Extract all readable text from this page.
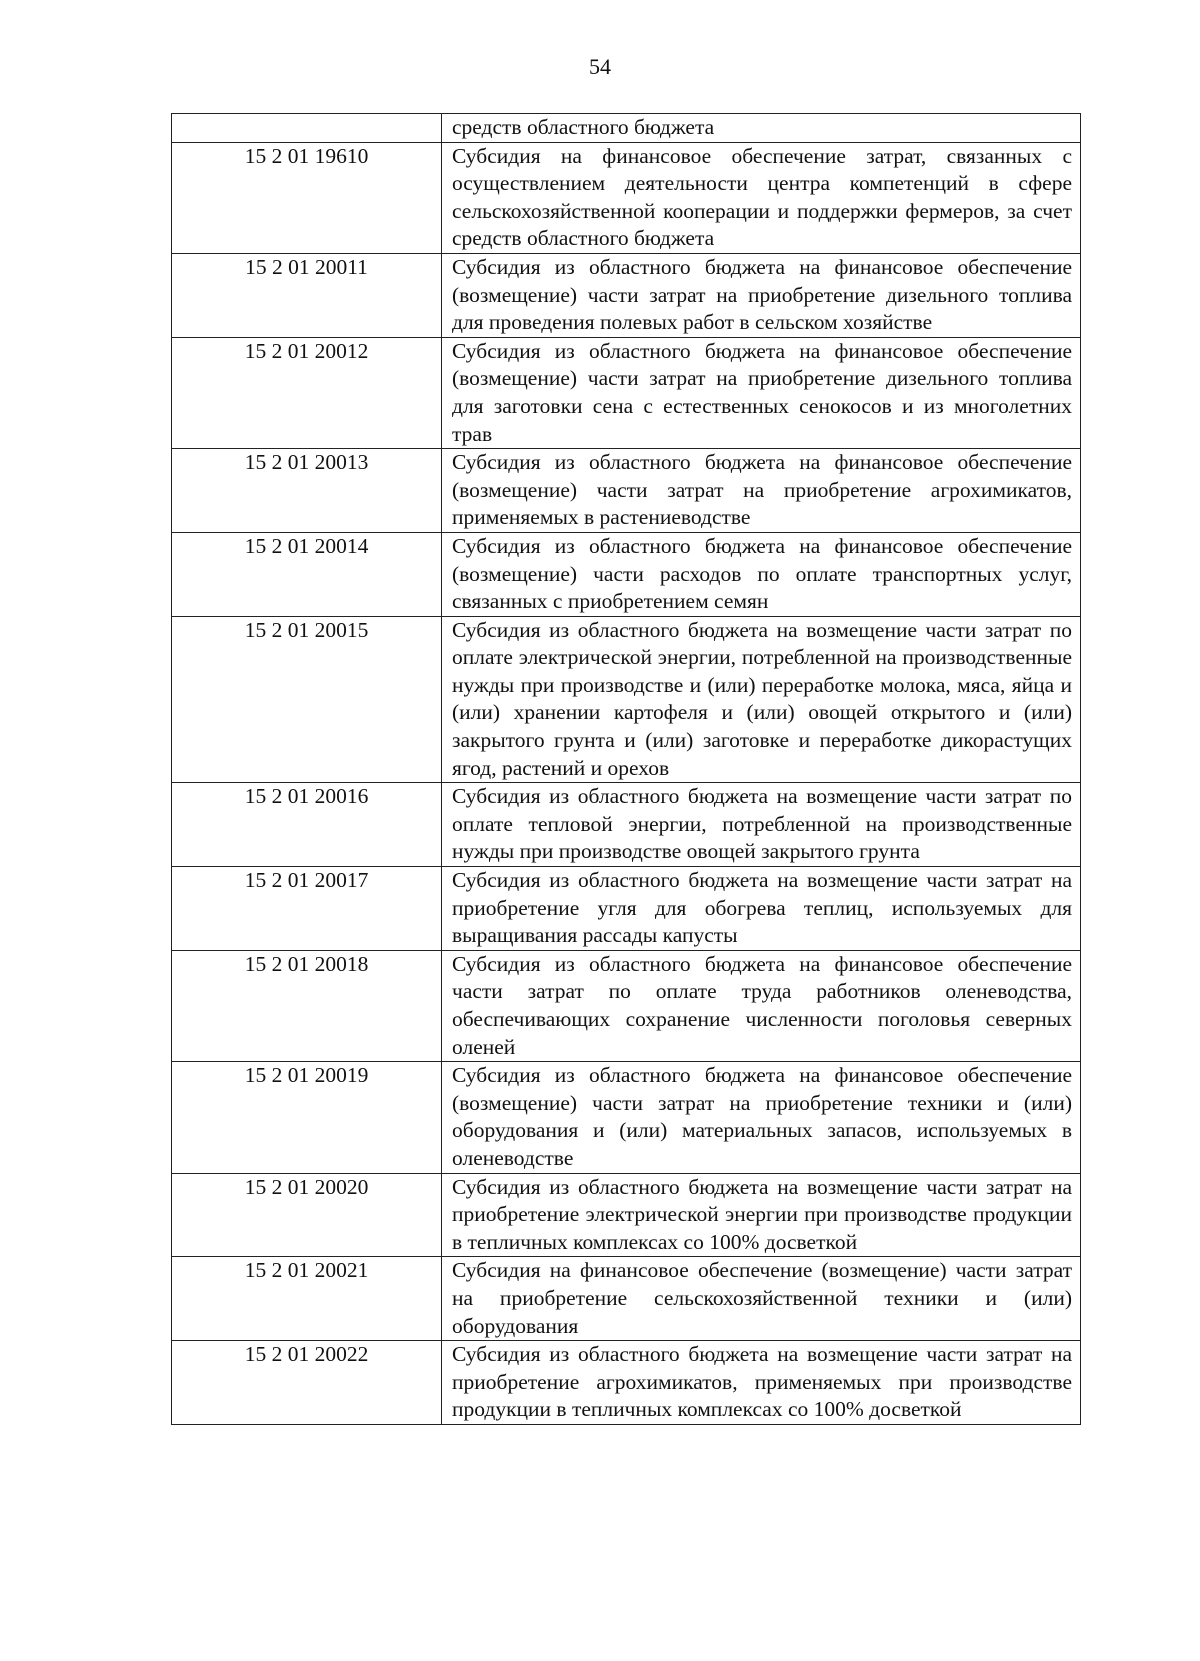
54
	средств областного бюджета
15 2 01 19610	Субсидия на финансовое обеспечение затрат, связанных с осуществлением деятельности центра компетенций в сфере сельскохозяйственной кооперации и поддержки фермеров, за счет средств областного бюджета
15 2 01 20011	Субсидия из областного бюджета на финансовое обеспечение (возмещение) части затрат на приобретение дизельного топлива для проведения полевых работ в сельском хозяйстве
15 2 01 20012	Субсидия из областного бюджета на финансовое обеспечение (возмещение) части затрат на приобретение дизельного топлива для заготовки сена с естественных сенокосов и из многолетних трав
15 2 01 20013	Субсидия из областного бюджета на финансовое обеспечение (возмещение) части затрат на приобретение агрохимикатов, применяемых в растениеводстве
15 2 01 20014	Субсидия из областного бюджета на финансовое обеспечение (возмещение) части расходов по оплате транспортных услуг, связанных с приобретением семян
15 2 01 20015	Субсидия из областного бюджета на возмещение части затрат по оплате электрической энергии, потребленной на производственные нужды при производстве и (или) переработке молока, мяса, яйца и (или) хранении картофеля и (или) овощей открытого и (или) закрытого грунта и (или) заготовке и переработке дикорастущих ягод, растений и орехов
15 2 01 20016	Субсидия из областного бюджета на возмещение части затрат по оплате тепловой энергии, потребленной на производственные нужды при производстве овощей закрытого грунта
15 2 01 20017	Субсидия из областного бюджета на возмещение части затрат на приобретение угля для обогрева теплиц, используемых для выращивания рассады капусты
15 2 01 20018	Субсидия из областного бюджета на финансовое обеспечение части затрат по оплате труда работников оленеводства, обеспечивающих сохранение численности поголовья северных оленей
15 2 01 20019	Субсидия из областного бюджета на финансовое обеспечение (возмещение) части затрат на приобретение техники и (или) оборудования и (или) материальных запасов, используемых в оленеводстве
15 2 01 20020	Субсидия из областного бюджета на возмещение части затрат на приобретение электрической энергии при производстве продукции в тепличных комплексах со 100% досветкой
15 2 01 20021	Субсидия на финансовое обеспечение (возмещение) части затрат на приобретение сельскохозяйственной техники и (или) оборудования
15 2 01 20022	Субсидия из областного бюджета на возмещение части затрат на приобретение агрохимикатов, применяемых при производстве продукции в тепличных комплексах со 100% досветкой
